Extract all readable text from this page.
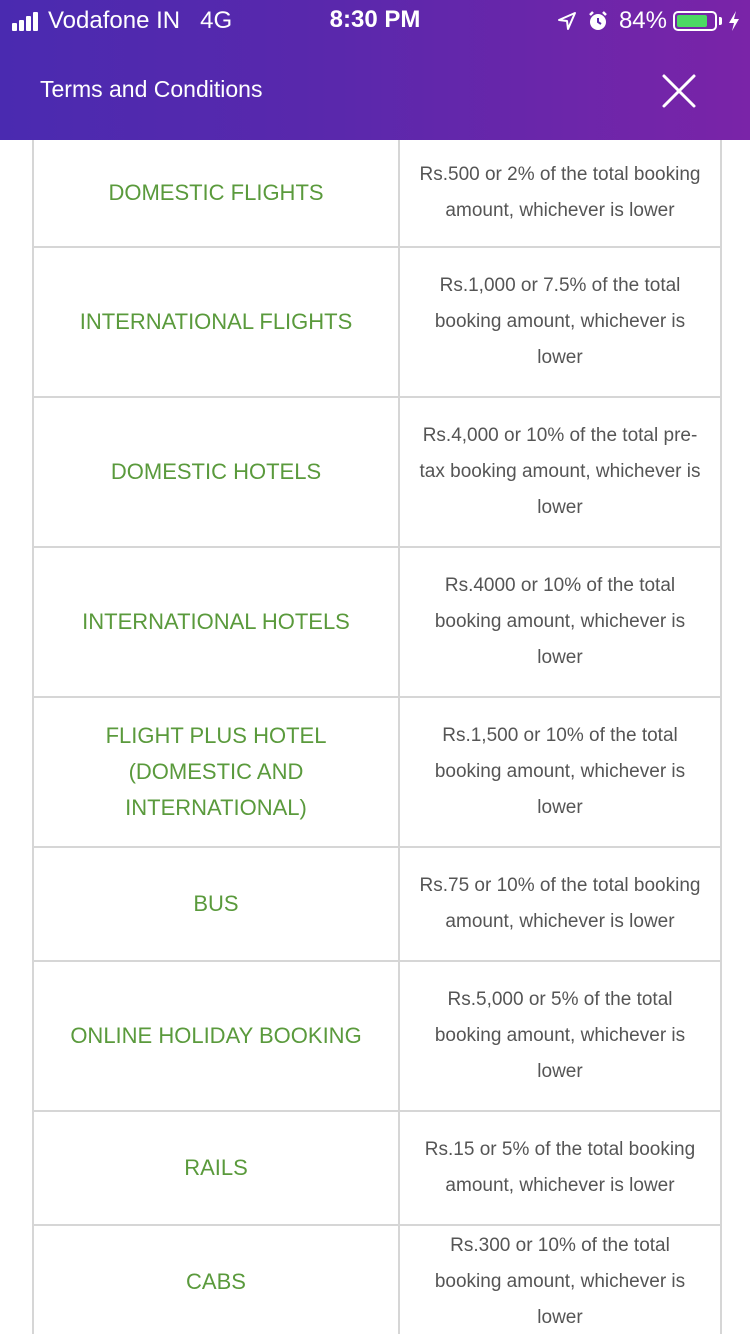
Vodafone IN 4G	8:30 PM	84%
Terms and Conditions
DOMESTIC FLIGHTS	Rs.500 or 2% of the total booking amount, whichever is lower
INTERNATIONAL FLIGHTS	Rs.1,000 or 7.5% of the total booking amount, whichever is lower
DOMESTIC HOTELS	Rs.4,000 or 10% of the total pre-tax booking amount, whichever is lower
INTERNATIONAL HOTELS	Rs.4000 or 10% of the total booking amount, whichever is lower
FLIGHT PLUS HOTEL (DOMESTIC AND INTERNATIONAL)	Rs.1,500 or 10% of the total booking amount, whichever is lower
BUS	Rs.75 or 10% of the total booking amount, whichever is lower
ONLINE HOLIDAY BOOKING	Rs.5,000 or 5% of the total booking amount, whichever is lower
RAILS	Rs.15 or 5% of the total booking amount, whichever is lower
CABS	Rs.300 or 10% of the total booking amount, whichever is lower
